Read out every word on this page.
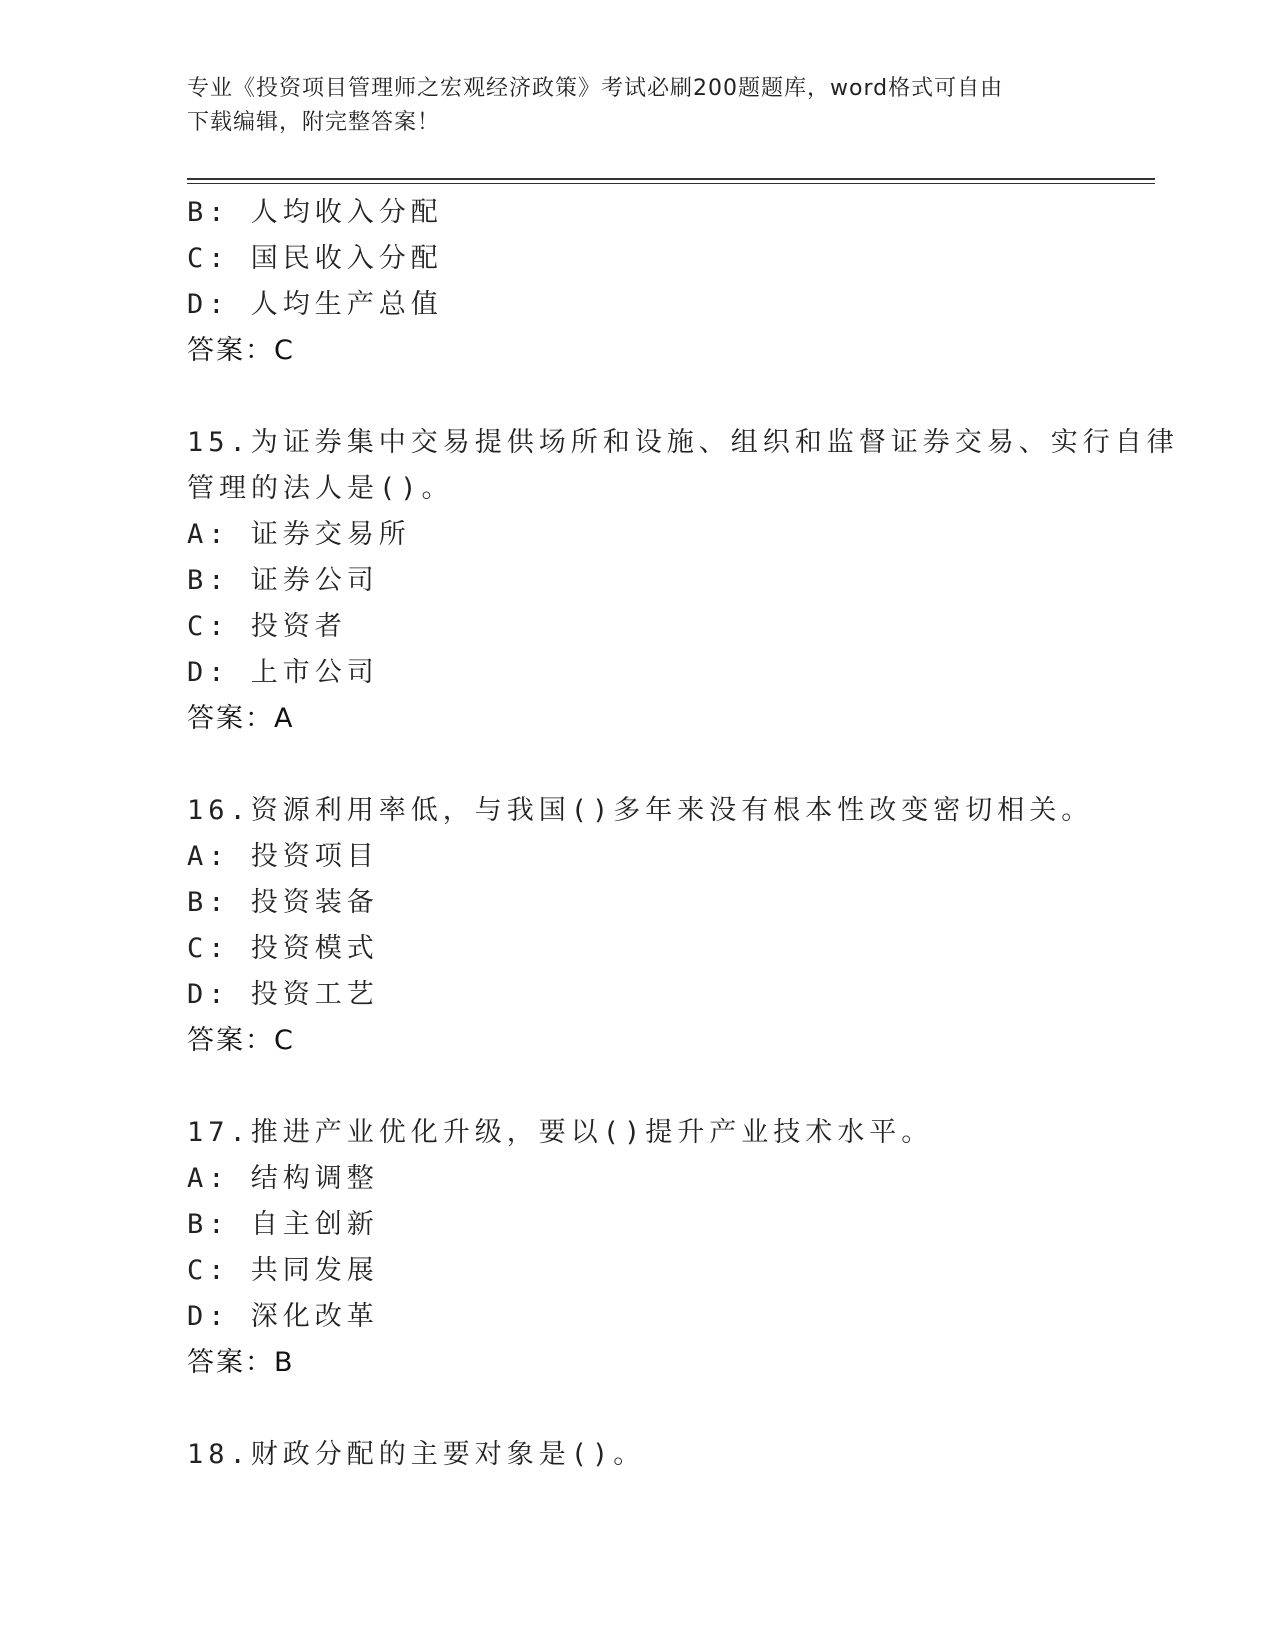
专业《投资项目管理师之宏观经济政策》考试必刷200题题库，word格式可自由
下载编辑，附完整答案！
B: 人均收入分配
C: 国民收入分配
D: 人均生产总值
答案：C
15.为证券集中交易提供场所和设施、组织和监督证券交易、实行自律
管理的法人是()。
A: 证券交易所
B: 证券公司
C: 投资者
D: 上市公司
答案：A
16.资源利用率低，与我国()多年来没有根本性改变密切相关。
A: 投资项目
B: 投资装备
C: 投资模式
D: 投资工艺
答案：C
17.推进产业优化升级，要以()提升产业技术水平。
A: 结构调整
B: 自主创新
C: 共同发展
D: 深化改革
答案：B
18.财政分配的主要对象是()。
